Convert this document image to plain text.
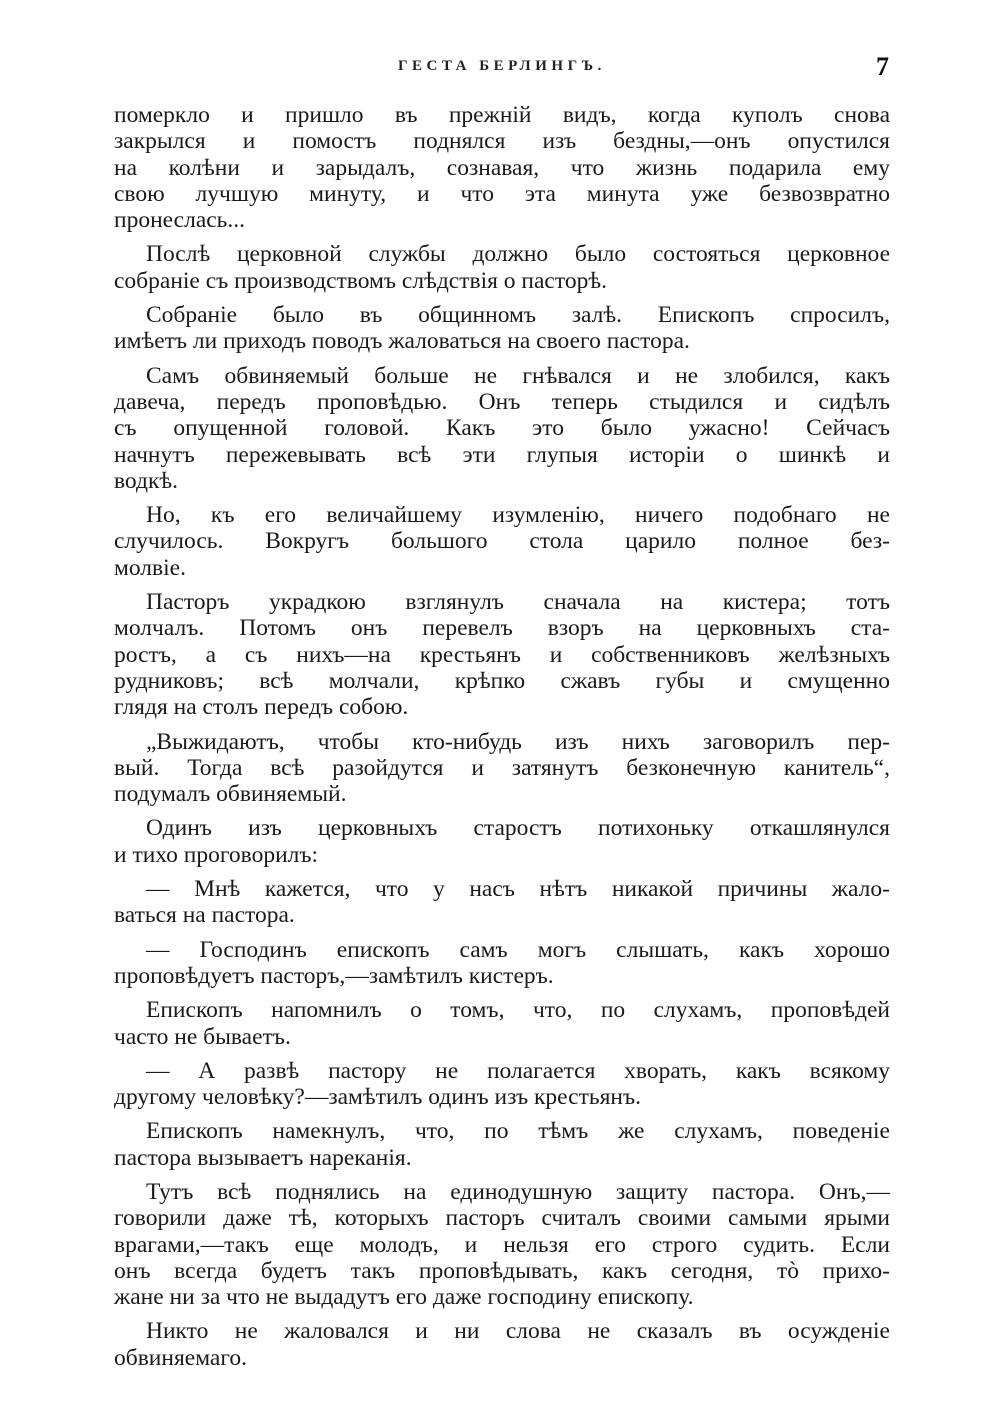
ГЕСТА БЕРЛИНГЪ.	7
померкло и пришло въ прежній видъ, когда куполъ снова
закрылся и помостъ поднялся изъ бездны,—онъ опустился
на колѣни и зарыдалъ, сознавая, что жизнь подарила ему
свою лучшую минуту, и что эта минута уже безвозвратно
пронеслась...
Послѣ церковной службы должно было состояться церковное
собраніе съ производствомъ слѣдствія о пасторѣ.
Собраніе было въ общинномъ залѣ. Епископъ спросилъ,
имѣетъ ли приходъ поводъ жаловаться на своего пастора.
Самъ обвиняемый больше не гнѣвался и не злобился, какъ
давеча, передъ проповѣдью. Онъ теперь стыдился и сидѣлъ
съ опущенной головой. Какъ это было ужасно! Сейчасъ
начнутъ пережевывать всѣ эти глупыя исторіи о шинкѣ и
водкѣ.
Но, къ его величайшему изумленію, ничего подобнаго не
случилось. Вокругъ большого стола царило полное без-
молвіе.
Пасторъ украдкою взглянулъ сначала на кистера; тотъ
молчалъ. Потомъ онъ перевелъ взоръ на церковныхъ ста-
ростъ, а съ нихъ—на крестьянъ и собственниковъ желѣзныхъ
рудниковъ; всѣ молчали, крѣпко сжавъ губы и смущенно
глядя на столъ передъ собою.
„Выжидаютъ, чтобы кто-нибудь изъ нихъ заговорилъ пер-
вый. Тогда всѣ разойдутся и затянутъ безконечную канитель“,
подумалъ обвиняемый.
Одинъ изъ церковныхъ старостъ потихоньку откашлянулся
и тихо проговорилъ:
— Мнѣ кажется, что у насъ нѣтъ никакой причины жало-
ваться на пастора.
— Господинъ епископъ самъ могъ слышать, какъ хорошо
проповѣдуетъ пасторъ,—замѣтилъ кистеръ.
Епископъ напомнилъ о томъ, что, по слухамъ, проповѣдей
часто не бываетъ.
— А развѣ пастору не полагается хворать, какъ всякому
другому человѣку?—замѣтилъ одинъ изъ крестьянъ.
Епископъ намекнулъ, что, по тѣмъ же слухамъ, поведеніе
пастора вызываетъ нареканія.
Тутъ всѣ поднялись на единодушную защиту пастора. Онъ,—
говорили даже тѣ, которыхъ пасторъ считалъ своими самыми ярыми
врагами,—такъ еще молодъ, и нельзя его строго судить. Если
онъ всегда будетъ такъ проповѣдывать, какъ сегодня, тò прихо-
жане ни за что не выдадутъ его даже господину епископу.
Никто не жаловался и ни слова не сказалъ въ осужденіе
обвиняемаго.
